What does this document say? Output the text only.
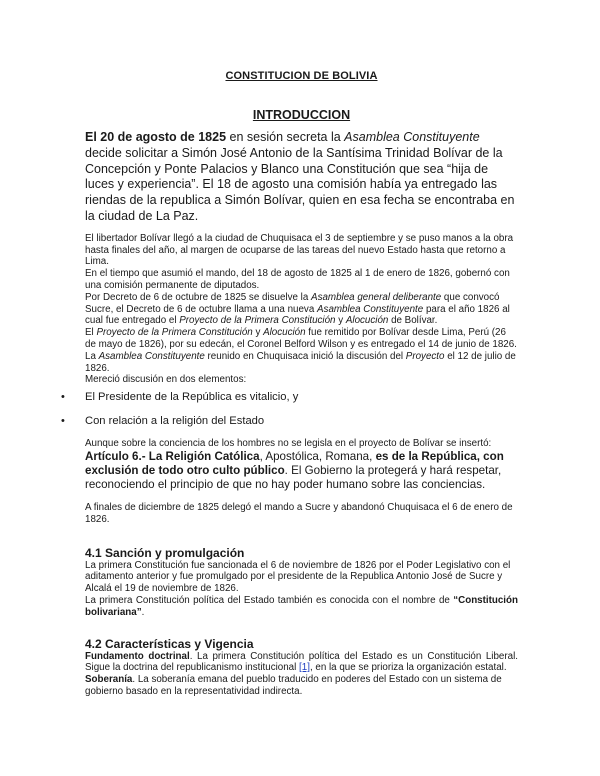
CONSTITUCION DE BOLIVIA
INTRODUCCION

El 20 de agosto de 1825 en sesión secreta la Asamblea Constituyente decide solicitar a Simón José Antonio de la Santísima Trinidad Bolívar de la Concepción y Ponte Palacios y Blanco una Constitución que sea “hija de luces y experiencia”. El 18 de agosto una comisión había ya entregado las riendas de la republica a Simón Bolívar, quien en esa fecha se encontraba en la ciudad de La Paz.

El libertador Bolívar llegó a la ciudad de Chuquisaca el 3 de septiembre y se puso manos a la obra hasta finales del año, al margen de ocuparse de las tareas del nuevo Estado hasta que retorno a Lima.

En el tiempo que asumió el mando, del 18 de agosto de 1825 al 1 de enero de 1826, gobernó con una comisión permanente de diputados.

Por Decreto de 6 de octubre de 1825 se disuelve la Asamblea general deliberante que convocó Sucre, el Decreto de 6 de octubre llama a una nueva Asamblea Constituyente para el año 1826 al cual fue entregado el Proyecto de la Primera Constitución y Alocución de Bolívar.

El Proyecto de la Primera Constitución y Alocución fue remitido por Bolívar desde Lima, Perú (26 de mayo de 1826), por su edecán, el Coronel Belford Wilson y es entregado el 14 de junio de 1826.

La Asamblea Constituyente reunido en Chuquisaca inició la discusión del Proyecto el 12 de julio de 1826.

Mereció discusión en dos elementos:

• El Presidente de la República es vitalicio, y
• Con relación a la religión del Estado

Aunque sobre la conciencia de los hombres no se legisla en el proyecto de Bolívar se insertó:

Artículo 6.- La Religión Católica, Apostólica, Romana, es de la República, con exclusión de todo otro culto público. El Gobierno la protegerá y hará respetar, reconociendo el principio de que no hay poder humano sobre las conciencias.

A finales de diciembre de 1825 delegó el mando a Sucre y abandonó Chuquisaca el 6 de enero de 1826.

4.1 Sanción y promulgación

La primera Constitución fue sancionada el 6 de noviembre de 1826 por el Poder Legislativo con el aditamento anterior y fue promulgado por el presidente de la Republica Antonio José de Sucre y Alcalá el 19 de noviembre de 1826.

La primera Constitución política del Estado también es conocida con el nombre de “Constitución bolivariana”.

4.2 Características y Vigencia

Fundamento doctrinal. La primera Constitución política del Estado es un Constitución Liberal. Sigue la doctrina del republicanismo institucional [1], en la que se prioriza la organización estatal.

Soberanía. La soberanía emana del pueblo traducido en poderes del Estado con un sistema de gobierno basado en la representatividad indirecta.
